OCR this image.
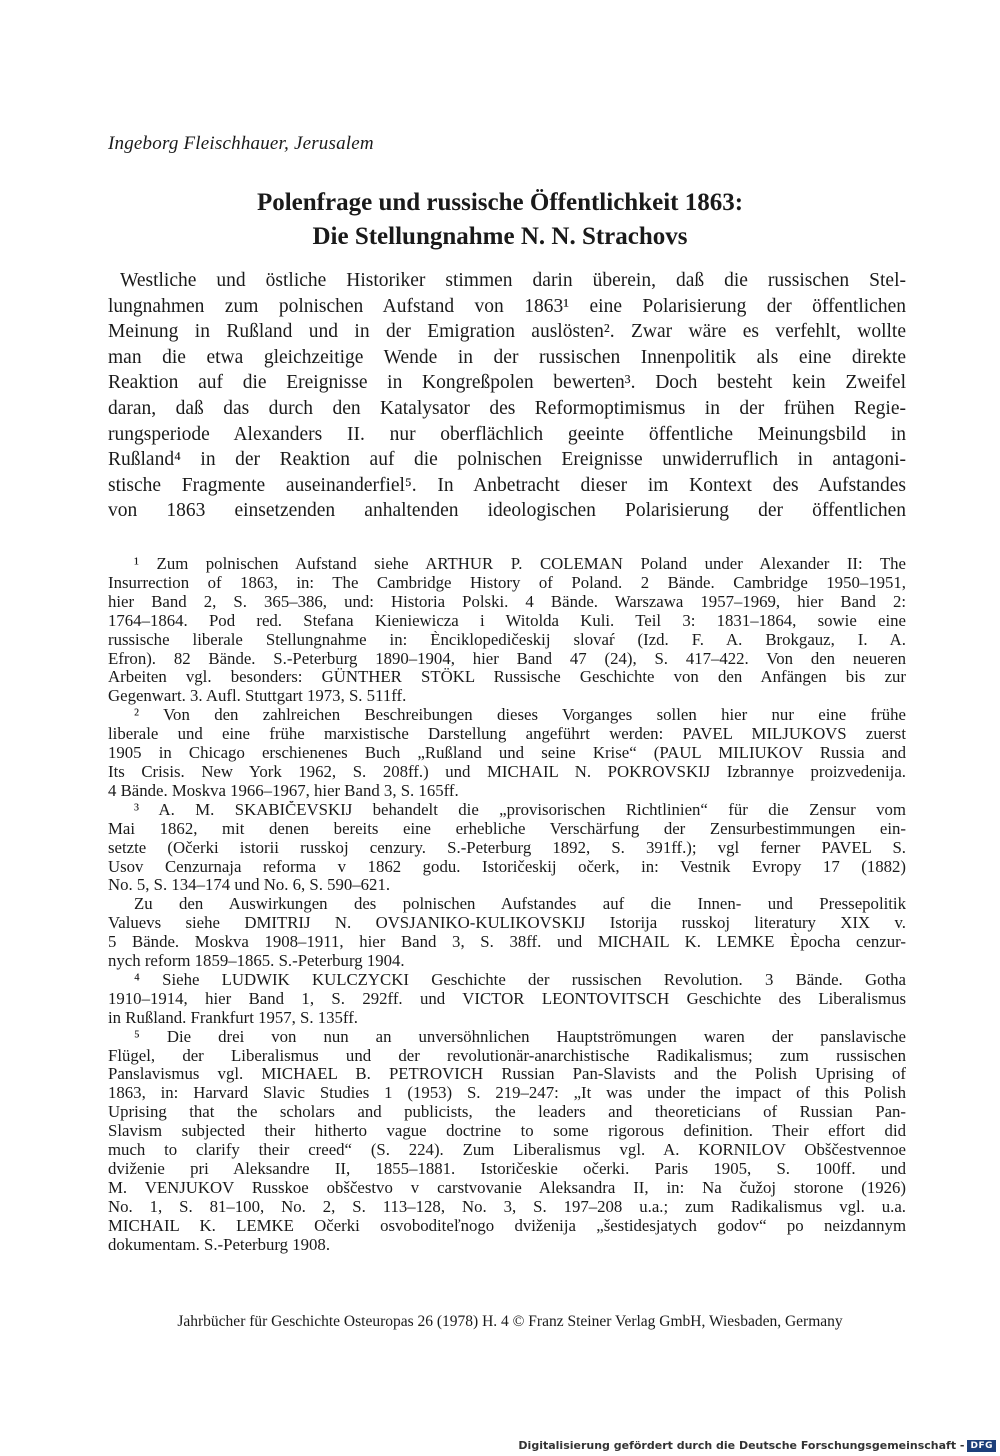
Ingeborg Fleischhauer, Jerusalem
Polenfrage und russische Öffentlichkeit 1863:
Die Stellungnahme N. N. Strachovs
Westliche und östliche Historiker stimmen darin überein, daß die russischen Stel-
lungnahmen zum polnischen Aufstand von 1863¹ eine Polarisierung der öffentlichen
Meinung in Rußland und in der Emigration auslösten². Zwar wäre es verfehlt, wollte
man die etwa gleichzeitige Wende in der russischen Innenpolitik als eine direkte
Reaktion auf die Ereignisse in Kongreßpolen bewerten³. Doch besteht kein Zweifel
daran, daß das durch den Katalysator des Reformoptimismus in der frühen Regie-
rungsperiode Alexanders II. nur oberflächlich geeinte öffentliche Meinungsbild in
Rußland⁴ in der Reaktion auf die polnischen Ereignisse unwiderruflich in antagoni-
stische Fragmente auseinanderfiel⁵. In Anbetracht dieser im Kontext des Aufstandes
von 1863 einsetzenden anhaltenden ideologischen Polarisierung der öffentlichen
¹ Zum polnischen Aufstand siehe ARTHUR P. COLEMAN Poland under Alexander II: The
Insurrection of 1863, in: The Cambridge History of Poland. 2 Bände. Cambridge 1950–1951,
hier Band 2, S. 365–386, und: Historia Polski. 4 Bände. Warszawa 1957–1969, hier Band 2:
1764–1864. Pod red. Stefana Kieniewicza i Witolda Kuli. Teil 3: 1831–1864, sowie eine
russische liberale Stellungnahme in: Ènciklopedičeskij slovaŕ (Izd. F. A. Brokgauz, I. A.
Efron). 82 Bände. S.-Peterburg 1890–1904, hier Band 47 (24), S. 417–422. Von den neueren
Arbeiten vgl. besonders: GÜNTHER STÖKL Russische Geschichte von den Anfängen bis zur
Gegenwart. 3. Aufl. Stuttgart 1973, S. 511ff.
² Von den zahlreichen Beschreibungen dieses Vorganges sollen hier nur eine frühe
liberale und eine frühe marxistische Darstellung angeführt werden: PAVEL MILJUKOVS zuerst
1905 in Chicago erschienenes Buch „Rußland und seine Krise“ (PAUL MILIUKOV Russia and
Its Crisis. New York 1962, S. 208ff.) und MICHAIL N. POKROVSKIJ Izbrannye proizvedenija.
4 Bände. Moskva 1966–1967, hier Band 3, S. 165ff.
³ A. M. SKABIČEVSKIJ behandelt die „provisorischen Richtlinien“ für die Zensur vom
Mai 1862, mit denen bereits eine erhebliche Verschärfung der Zensurbestimmungen ein-
setzte (Očerki istorii russkoj cenzury. S.-Peterburg 1892, S. 391ff.); vgl ferner PAVEL S.
Usov Cenzurnaja reforma v 1862 godu. Istoričeskij očerk, in: Vestnik Evropy 17 (1882)
No. 5, S. 134–174 und No. 6, S. 590–621.
Zu den Auswirkungen des polnischen Aufstandes auf die Innen- und Pressepolitik
Valuevs siehe DMITRIJ N. OVSJANIKO-KULIKOVSKIJ Istorija russkoj literatury XIX v.
5 Bände. Moskva 1908–1911, hier Band 3, S. 38ff. und MICHAIL K. LEMKE Èpocha cenzur-
nych reform 1859–1865. S.-Peterburg 1904.
⁴ Siehe LUDWIK KULCZYCKI Geschichte der russischen Revolution. 3 Bände. Gotha
1910–1914, hier Band 1, S. 292ff. und VICTOR LEONTOVITSCH Geschichte des Liberalismus
in Rußland. Frankfurt 1957, S. 135ff.
⁵ Die drei von nun an unversöhnlichen Hauptströmungen waren der panslavische
Flügel, der Liberalismus und der revolutionär-anarchistische Radikalismus; zum russischen
Panslavismus vgl. MICHAEL B. PETROVICH Russian Pan-Slavists and the Polish Uprising of
1863, in: Harvard Slavic Studies 1 (1953) S. 219–247: „It was under the impact of this Polish
Uprising that the scholars and publicists, the leaders and theoreticians of Russian Pan-
Slavism subjected their hitherto vague doctrine to some rigorous definition. Their effort did
much to clarify their creed“ (S. 224). Zum Liberalismus vgl. A. KORNILOV Obščestvennoe
dviženie pri Aleksandre II, 1855–1881. Istoričeskie očerki. Paris 1905, S. 100ff. und
M. VENJUKOV Russkoe obščestvo v carstvovanie Aleksandra II, in: Na čužoj storone (1926)
No. 1, S. 81–100, No. 2, S. 113–128, No. 3, S. 197–208 u.a.; zum Radikalismus vgl. u.a.
MICHAIL K. LEMKE Očerki osvoboditeľnogo dviženija „šestidesjatych godov“ po neizdannym
dokumentam. S.-Peterburg 1908.
Jahrbücher für Geschichte Osteuropas 26 (1978) H. 4 © Franz Steiner Verlag GmbH, Wiesbaden, Germany
Digitalisierung gefördert durch die Deutsche Forschungsgemeinschaft - DFG
